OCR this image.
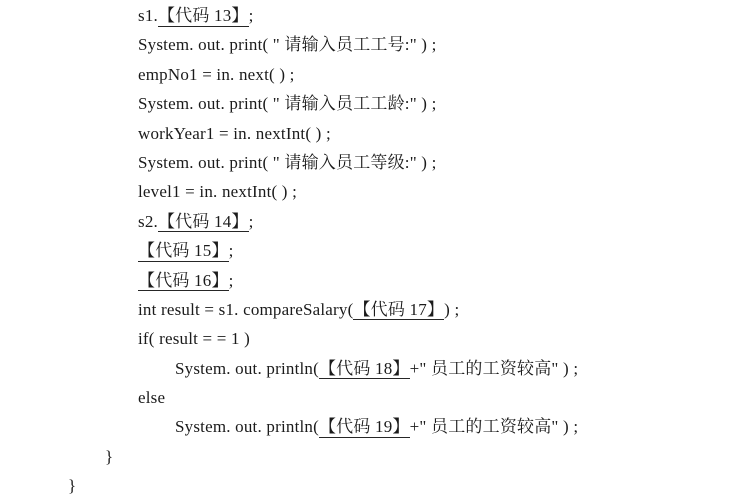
s1.【代码 13】;
System. out. print( " 请输入员工工号:" ) ;
empNo1 = in. next( ) ;
System. out. print( " 请输入员工工龄:" ) ;
workYear1 = in. nextInt( ) ;
System. out. print( " 请输入员工等级:" ) ;
level1 = in. nextInt( ) ;
s2.【代码 14】;
【代码 15】;
【代码 16】;
int result = s1. compareSalary(【代码 17】) ;
if( result = = 1 )
System. out. println(【代码 18】+" 员工的工资较高" ) ;
else
System. out. println(【代码 19】+" 员工的工资较高" ) ;
}
}
